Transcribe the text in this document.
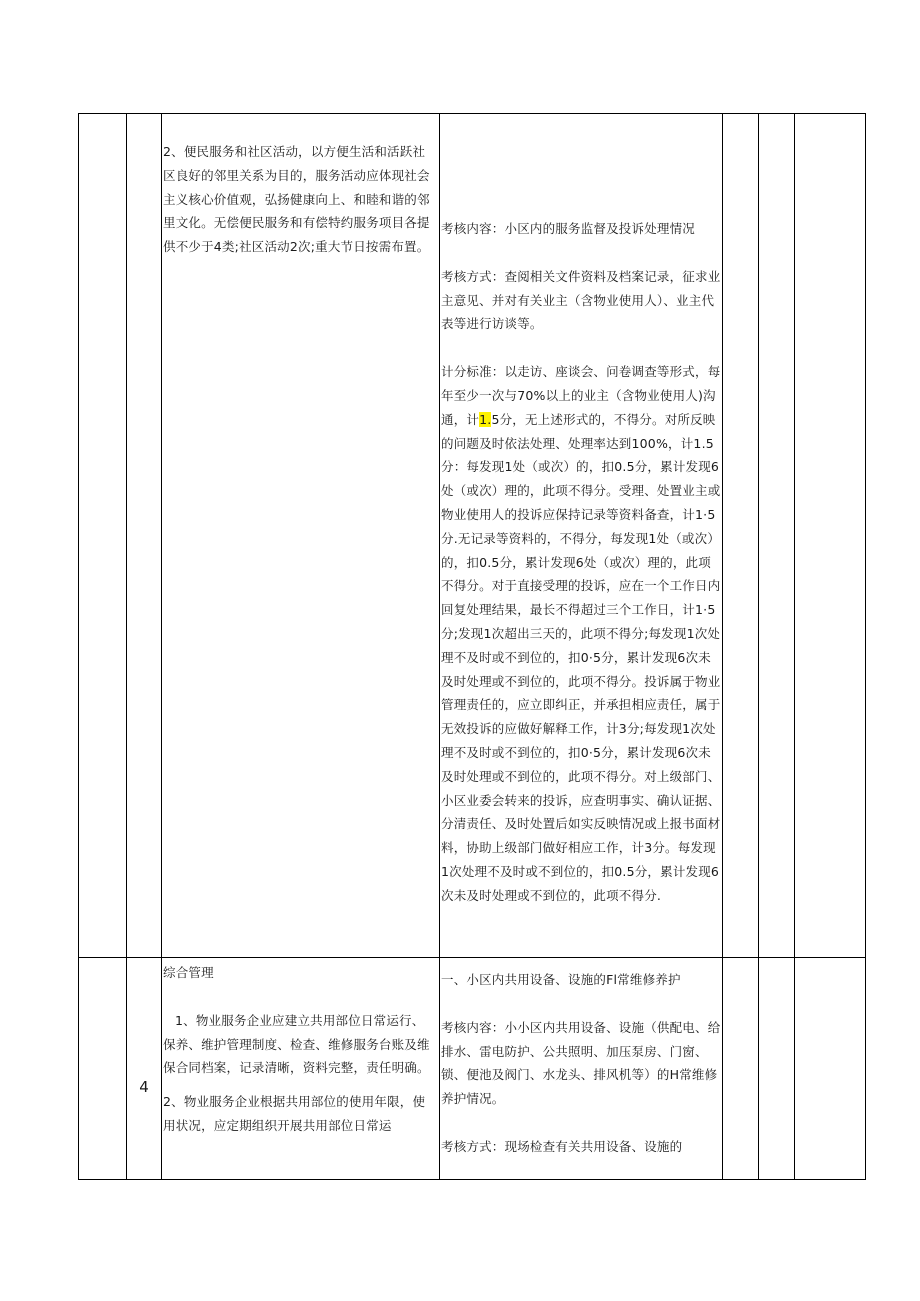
2、便民服务和社区活动，以方便生活和活跃社区良好的邻里关系为目的，服务活动应体现社会主义核心价值观，弘扬健康向上、和睦和谐的邻里文化。无偿便民服务和有偿特约服务项目各提供不少于4类;社区活动2次;重大节日按需布置。

考核内容：小区内的服务监督及投诉处理情况

考核方式：查阅相关文件资料及档案记录，征求业主意见、并对有关业主（含物业使用人）、业主代表等进行访谈等。

计分标准：以走访、座谈会、问卷调查等形式，每年至少一次与70%以上的业主（含物业使用人)沟通，计1.5分，无上述形式的，不得分。对所反映的问题及时依法处理、处理率达到100%，计1.5分：每发现1处（或次）的，扣0.5分，累计发现6处（或次）理的，此项不得分。受理、处置业主或物业使用人的投诉应保持记录等资料备查，计1·5分.无记录等资料的，不得分，每发现1处（或次）的，扣0.5分，累计发现6处（或次）理的，此项不得分。对于直接受理的投诉，应在一个工作日内回复处理结果，最长不得超过三个工作日，计1·5分;发现1次超出三天的，此项不得分;每发现1次处理不及时或不到位的，扣0·5分，累计发现6次未及时处理或不到位的，此项不得分。投诉属于物业管理责任的，应立即纠正，并承担相应责任，属于无效投诉的应做好解释工作，计3分;每发现1次处理不及时或不到位的，扣0·5分，累计发现6次未及时处理或不到位的，此项不得分。对上级部门、小区业委会转来的投诉，应查明事实、确认证据、分清责任、及时处置后如实反映情况或上报书面材料，协助上级部门做好相应工作，计3分。每发现1次处理不及时或不到位的，扣0.5分，累计发现6次未及时处理或不到位的，此项不得分.

4

综合管理

1、物业服务企业应建立共用部位日常运行、保养、维护管理制度、检查、维修服务台账及维保合同档案，记录清晰，资料完整，责任明确。

2、物业服务企业根据共用部位的使用年限，使用状况，应定期组织开展共用部位日常运

一、小区内共用设备、设施的Fl常维修养护

考核内容：小小区内共用设备、设施（供配电、给排水、雷电防护、公共照明、加压泵房、门窗、锁、便池及阀门、水龙头、排风机等）的H常维修养护情况。

考核方式：现场检查有关共用设备、设施的
